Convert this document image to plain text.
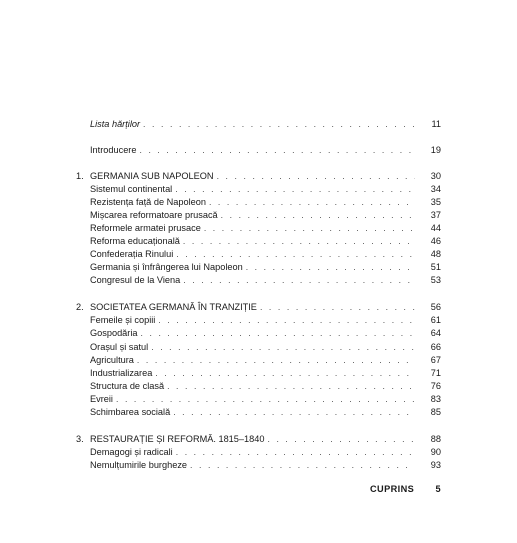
Lista hărților . . .	11
Introducere . . .	19
1. GERMANIA SUB NAPOLEON . . .	30
Sistemul continental . . .	34
Rezistența față de Napoleon . . .	35
Mișcarea reformatoare prusacă . . .	37
Reformele armatei prusace . . .	44
Reforma educațională . . .	46
Confederația Rinului . . .	48
Germania și înfrângerea lui Napoleon . . .	51
Congresul de la Viena . . .	53
2. SOCIETATEA GERMANĂ ÎN TRANZIȚIE . . .	56
Femeile și copiii . . .	61
Gospodăria . . .	64
Orașul și satul . . .	66
Agricultura . . .	67
Industrializarea . . .	71
Structura de clasă . . .	76
Evreii . . .	83
Schimbarea socială . . .	85
3. RESTAURAȚIE ȘI REFORMĂ. 1815–1840 . . .	88
Demagogi și radicali . . .	90
Nemulțumirile burgheze . . .	93
CUPRINS 5
